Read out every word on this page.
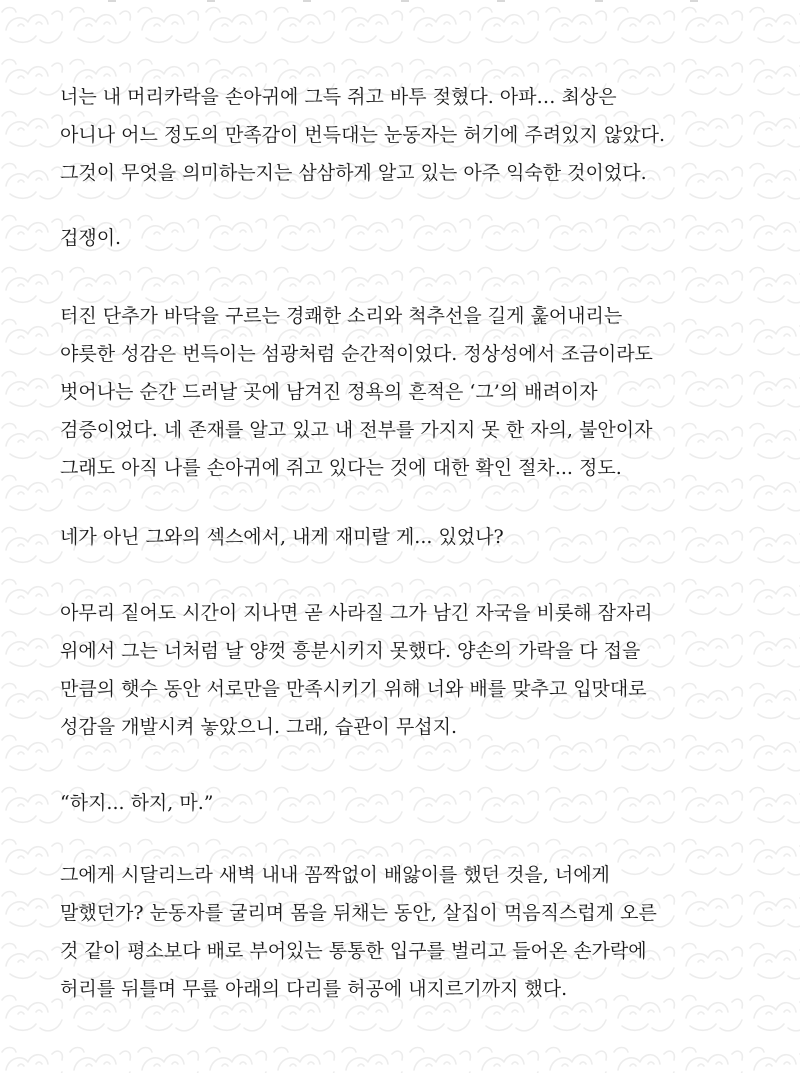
너는 내 머리카락을 손아귀에 그득 쥐고 바투 젖혔다. 아파… 최상은
아니나 어느 정도의 만족감이 번득대는 눈동자는 허기에 주려있지 않았다.
그것이 무엇을 의미하는지는 삼삼하게 알고 있는 아주 익숙한 것이었다.

겁쟁이.

터진 단추가 바닥을 구르는 경쾌한 소리와 척추선을 길게 훑어내리는
야릇한 성감은 번득이는 섬광처럼 순간적이었다. 정상성에서 조금이라도
벗어나는 순간 드러날 곳에 남겨진 정욕의 흔적은 ‘그’의 배려이자
검증이었다. 네 존재를 알고 있고 내 전부를 가지지 못 한 자의, 불안이자
그래도 아직 나를 손아귀에 쥐고 있다는 것에 대한 확인 절차... 정도.

네가 아닌 그와의 섹스에서, 내게 재미랄 게... 있었나?

아무리 짙어도 시간이 지나면 곧 사라질 그가 남긴 자국을 비롯해 잠자리
위에서 그는 너처럼 날 양껏 흥분시키지 못했다. 양손의 가락을 다 접을
만큼의 햇수 동안 서로만을 만족시키기 위해 너와 배를 맞추고 입맛대로
성감을 개발시켜 놓았으니. 그래, 습관이 무섭지.

“하지... 하지, 마.”

그에게 시달리느라 새벽 내내 꼼짝없이 배앓이를 했던 것을, 너에게
말했던가? 눈동자를 굴리며 몸을 뒤채는 동안, 살집이 먹음직스럽게 오른
것 같이 평소보다 배로 부어있는 통통한 입구를 벌리고 들어온 손가락에
허리를 뒤틀며 무릎 아래의 다리를 허공에 내지르기까지 했다.
